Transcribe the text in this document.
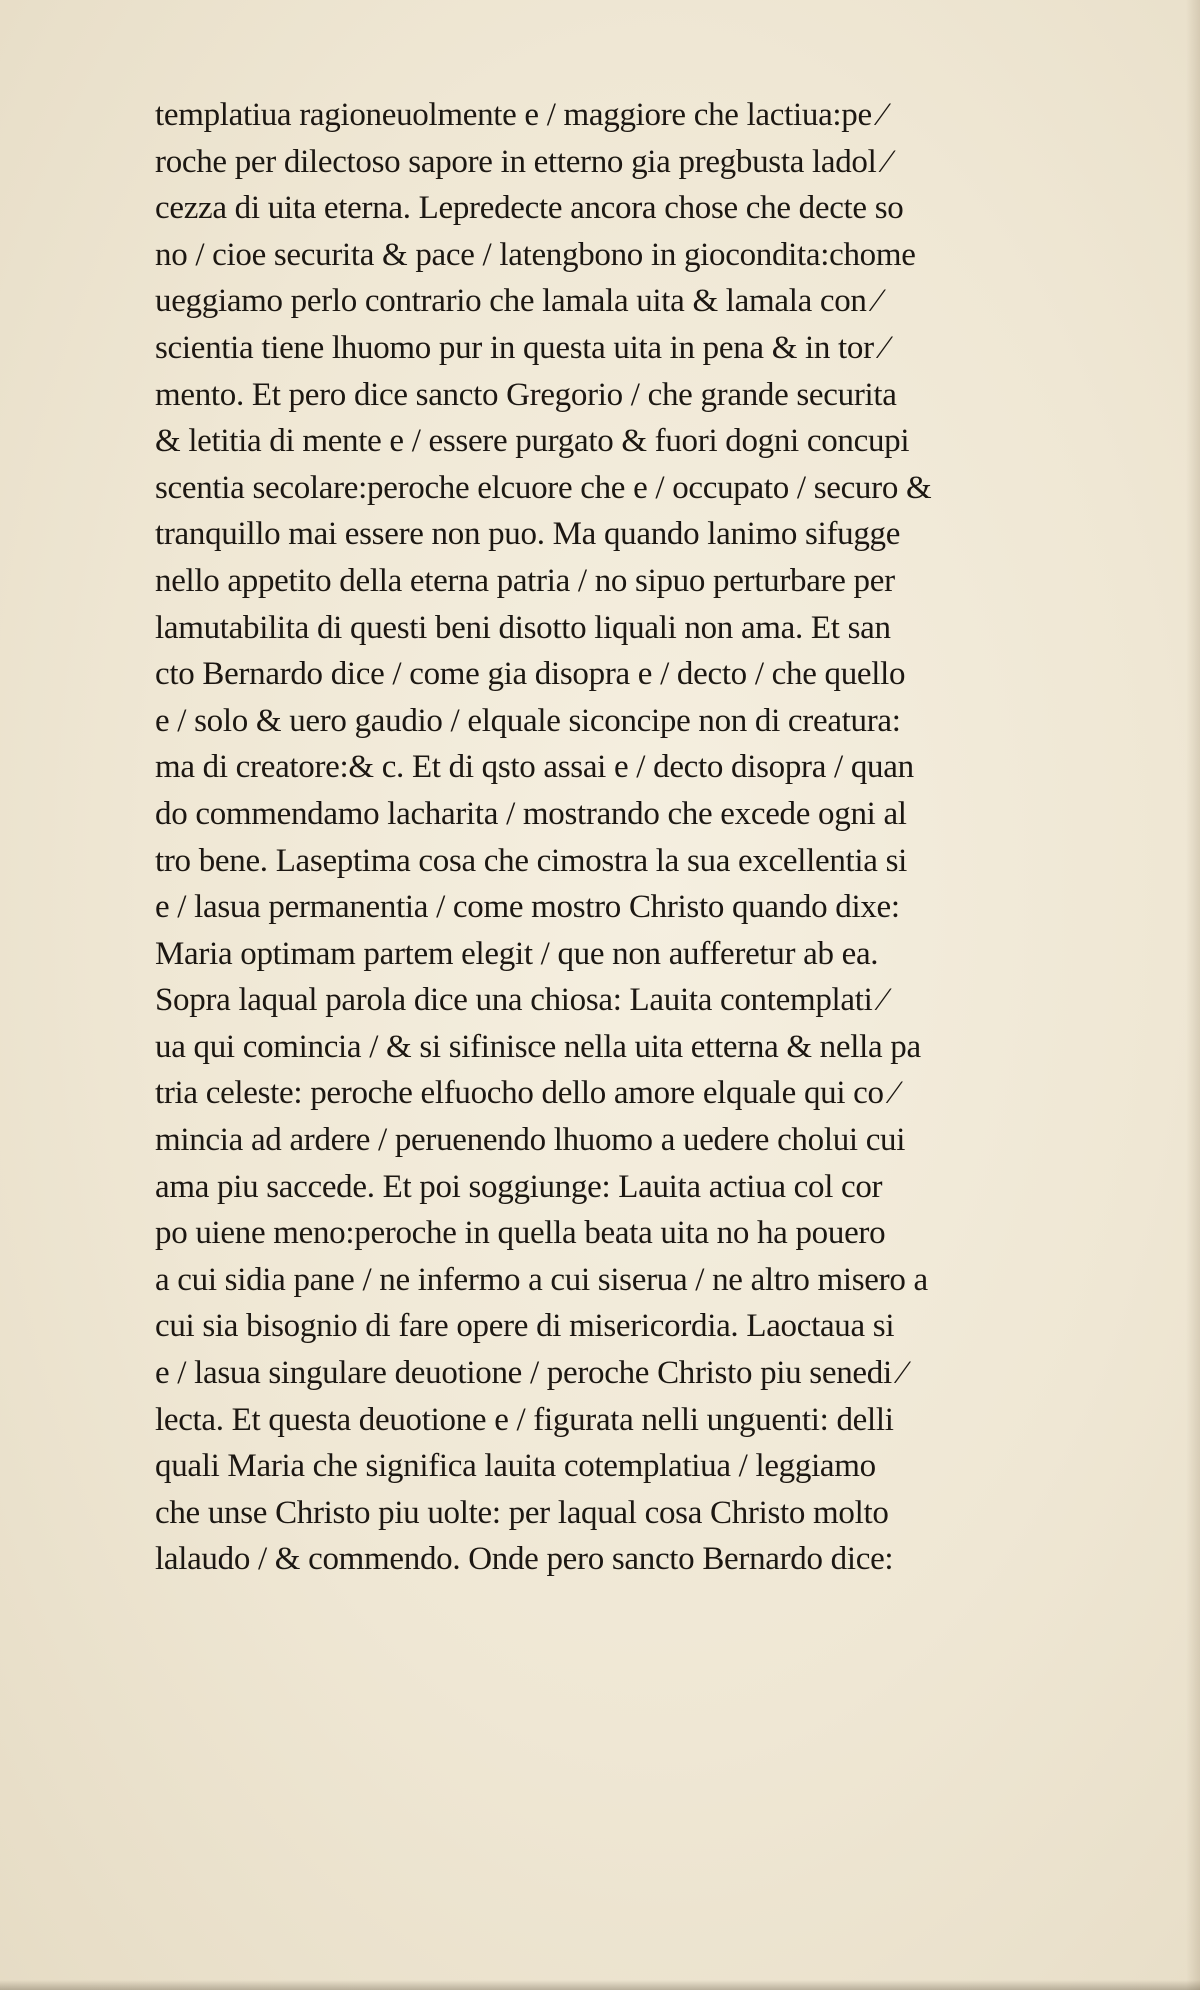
templatiua ragioneuolmente e / maggiore che lactiua:pe ⁄
roche per dilectoso sapore in etterno gia pregbusta ladol ⁄
cezza di uita eterna. Lepredecte ancora chose che decte so
no / cioe securita & pace / latengbono in giocondita:chome
ueggiamo perlo contrario che lamala uita & lamala con ⁄
scientia tiene lhuomo pur in questa uita in pena & in tor ⁄
mento. Et pero dice sancto Gregorio / che grande securita
& letitia di mente e / essere purgato & fuori dogni concupi
scentia secolare:peroche elcuore che e / occupato / securo &
tranquillo mai essere non puo. Ma quando lanimo sifugge
nello appetito della eterna patria / no sipuo perturbare per
lamutabilita di questi beni disotto liquali non ama. Et san
cto Bernardo dice / come gia disopra e / decto / che quello
e / solo & uero gaudio / elquale siconcipe non di creatura:
ma di creatore:& c. Et di qsto assai e / decto disopra / quan
do commendamo lacharita / mostrando che excede ogni al
tro bene. Laseptima cosa che cimostra la sua excellentia si
e / lasua permanentia / come mostro Christo quando dixe:
Maria optimam partem elegit / que non aufferetur ab ea.
Sopra laqual parola dice una chiosa: Lauita contemplati ⁄
ua qui comincia / & si sifinisce nella uita etterna & nella pa
tria celeste: peroche elfuocho dello amore elquale qui co ⁄
mincia ad ardere / peruenendo lhuomo a uedere cholui cui
ama piu saccede. Et poi soggiunge: Lauita actiua col cor
po uiene meno:peroche in quella beata uita no ha pouero
a cui sidia pane / ne infermo a cui siserua / ne altro misero a
cui sia bisognio di fare opere di misericordia. Laoctaua si
e / lasua singulare deuotione / peroche Christo piu senedi ⁄
lecta. Et questa deuotione e / figurata nelli unguenti: delli
quali Maria che significa lauita cotemplatiua / leggiamo
che unse Christo piu uolte: per laqual cosa Christo molto
lalaudo / & commendo. Onde pero sancto Bernardo dice:
